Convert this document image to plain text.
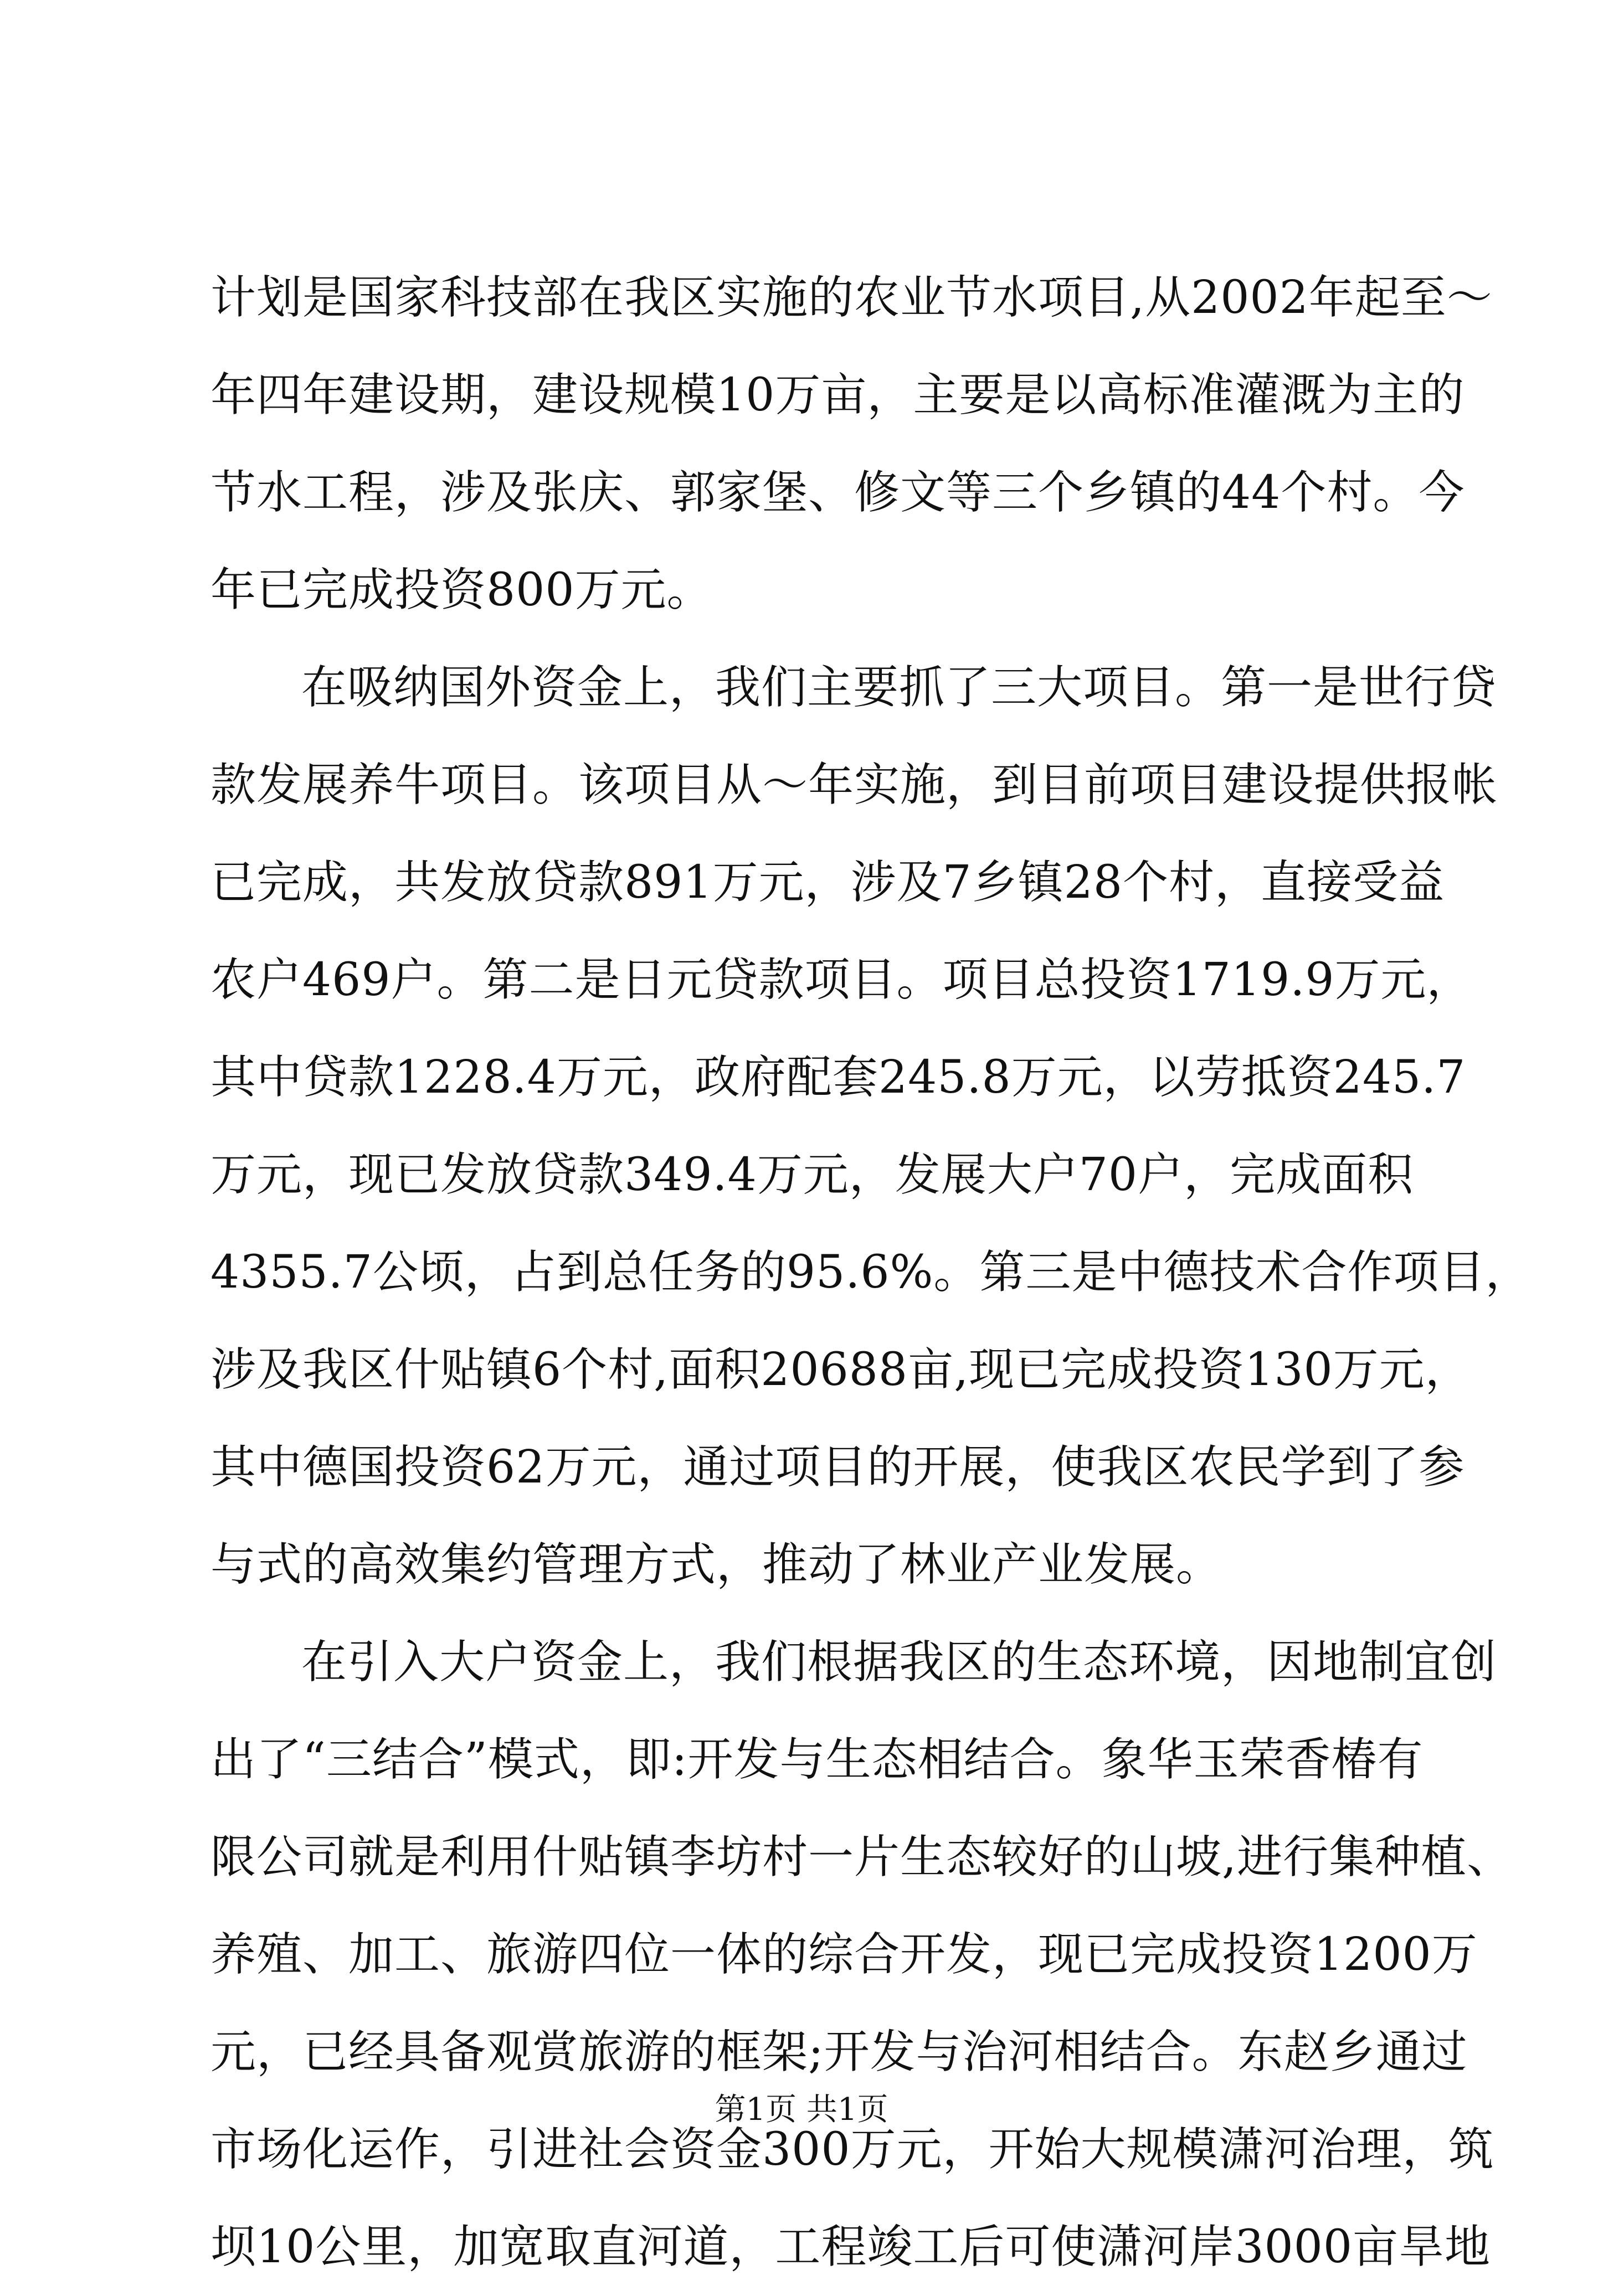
计划是国家科技部在我区实施的农业节水项目,从2002年起至～
年四年建设期，建设规模10万亩，主要是以高标准灌溉为主的
节水工程，涉及张庆、郭家堡、修文等三个乡镇的44个村。今
年已完成投资800万元。
在吸纳国外资金上，我们主要抓了三大项目。第一是世行贷
款发展养牛项目。该项目从～年实施，到目前项目建设提供报帐
已完成，共发放贷款891万元，涉及7乡镇28个村，直接受益
农户469户。第二是日元贷款项目。项目总投资1719.9万元，
其中贷款1228.4万元，政府配套245.8万元，以劳抵资245.7
万元，现已发放贷款349.4万元，发展大户70户，完成面积
4355.7公顷，占到总任务的95.6%。第三是中德技术合作项目，
涉及我区什贴镇6个村,面积20688亩,现已完成投资130万元，
其中德国投资62万元，通过项目的开展，使我区农民学到了参
与式的高效集约管理方式，推动了林业产业发展。
在引入大户资金上，我们根据我区的生态环境，因地制宜创
出了“三结合”模式，即:开发与生态相结合。象华玉荣香椿有
限公司就是利用什贴镇李坊村一片生态较好的山坡,进行集种植、
养殖、加工、旅游四位一体的综合开发，现已完成投资1200万
元，已经具备观赏旅游的框架;开发与治河相结合。东赵乡通过
市场化运作，引进社会资金300万元，开始大规模潇河治理，筑
坝10公里，加宽取直河道，工程竣工后可使潇河岸3000亩旱地
第1页 共1页
